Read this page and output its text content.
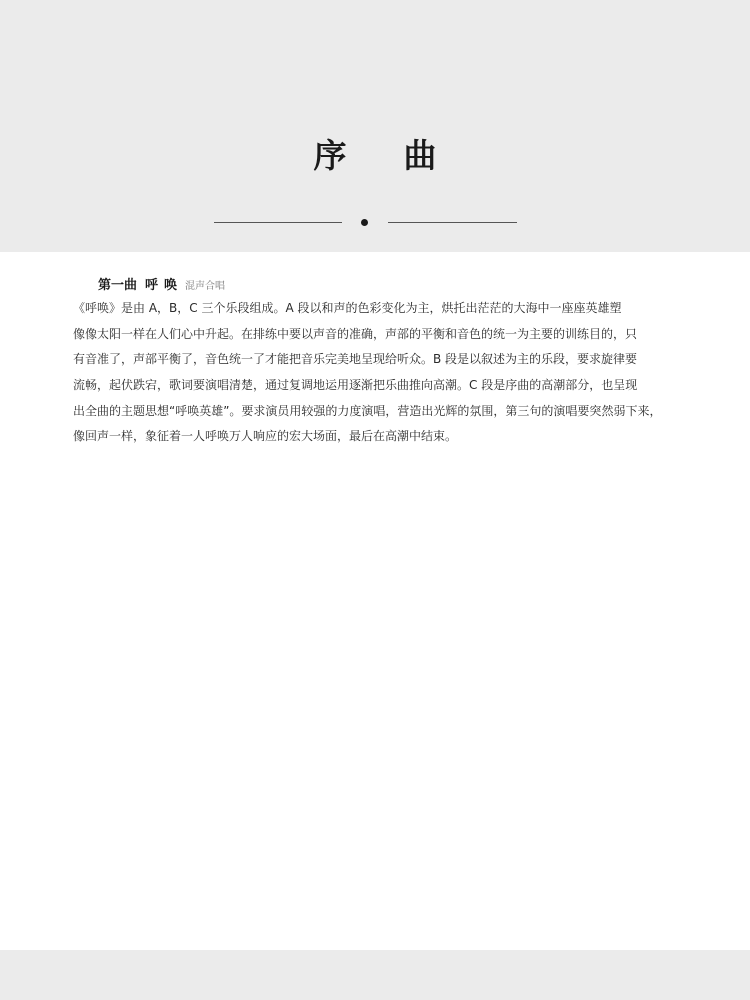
序曲
第一曲 呼唤 混声合唱
《呼唤》是由 A，B，C 三个乐段组成。A 段以和声的色彩变化为主，烘托出茫茫的大海中一座座英雄塑
像像太阳一样在人们心中升起。在排练中要以声音的准确，声部的平衡和音色的统一为主要的训练目的，只
有音准了，声部平衡了，音色统一了才能把音乐完美地呈现给听众。B 段是以叙述为主的乐段，要求旋律要
流畅，起伏跌宕，歌词要演唱清楚，通过复调地运用逐渐把乐曲推向高潮。C 段是序曲的高潮部分，也呈现
出全曲的主题思想“呼唤英雄”。要求演员用较强的力度演唱，营造出光辉的氛围，第三句的演唱要突然弱下来，
像回声一样，象征着一人呼唤万人响应的宏大场面，最后在高潮中结束。
